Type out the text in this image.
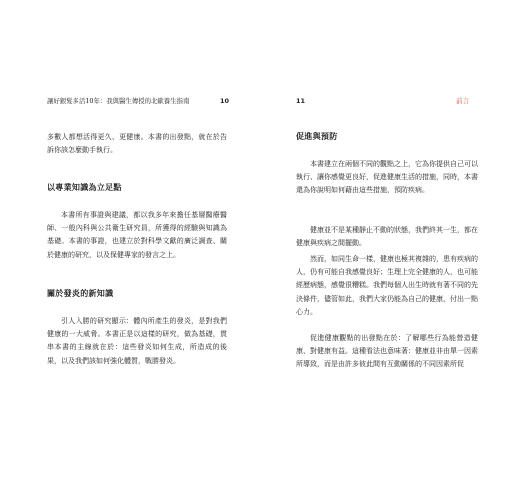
讓好銀髮多活10年：我與醫生傳授的北歐養生指南	10

多數人都想活得更久、更健康。本書的出發點，就在於告訴你該怎麼動手執行。

以專業知識為立足點

本書所有事證與建議，都以我多年來擔任基層醫療醫師、一般內科與公共衛生研究員，所獲得的經驗與知識為基礎。本書的事證，也建立於對科學文獻的廣泛調查、關於健康的研究，以及保健專家的發言之上。

關於發炎的新知識

引人入勝的研究顯示：體內所產生的發炎，是對我們健康的一大威脅。本書正是以這樣的研究，做為基礎，貫串本書的主線就在於：這些發炎如何生成，所造成的後果，以及我們該如何強化體質，戰勝發炎。

11	前言
促進與預防

本書建立在兩個不同的觀點之上，它為你提供自己可以執行、讓你感覺更良好，促進健康生活的措施，同時，本書還為你說明如何藉由這些措施，預防疾病。

健康並不是某種靜止不動的狀態，我們終其一生，都在健康與疾病之間擺動。

然而，如同生命一樣，健康也極其複雜的，患有疾病的人，仍有可能自我感覺良好；生理上完全健康的人，也可能經歷病態，感覺很糟糕。我們每個人出生時就有著不同的先決條件，儘管如此，我們大家仍能為自己的健康，付出一點心力。

促進健康觀點的出發點在於：了解哪些行為能營造健康、對健康有益。這種看法也意味著：健康並非由單一因素所導致，而是由許多彼此間有互動關係的不同因素所促
